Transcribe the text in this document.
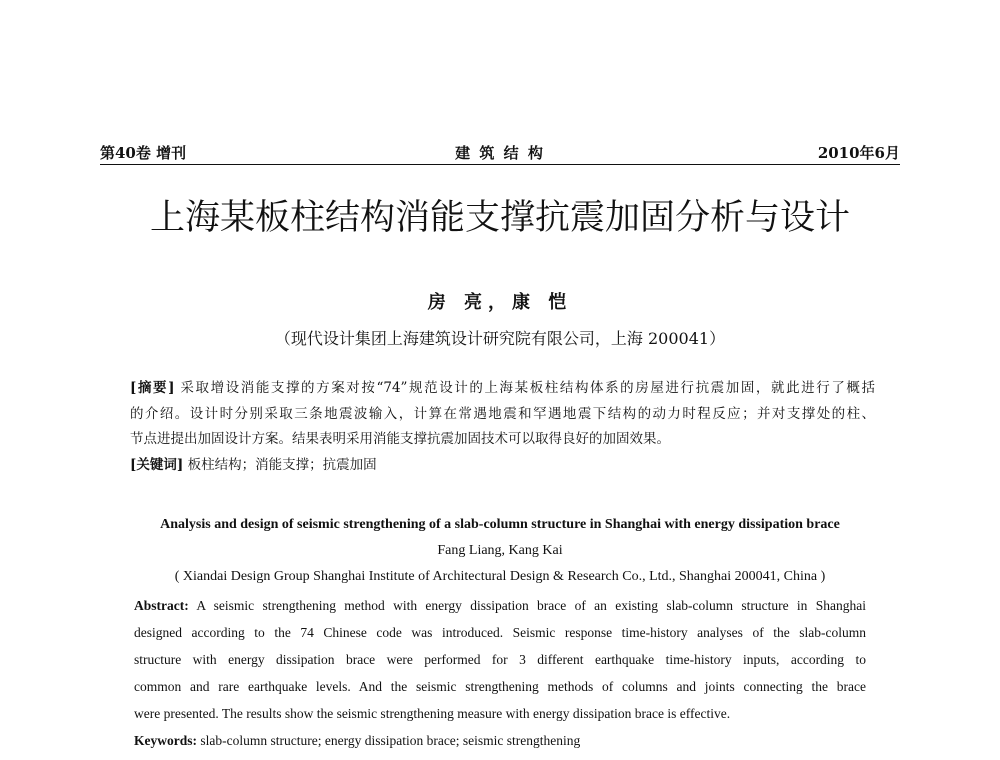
第40卷 增刊	建 筑 结 构	2010年6月
上海某板柱结构消能支撑抗震加固分析与设计
房 亮，康 恺
（现代设计集团上海建筑设计研究院有限公司，上海 200041）
[摘要] 采取增设消能支撑的方案对按“74”规范设计的上海某板柱结构体系的房屋进行抗震加固，就此进行了概括
的介绍。设计时分别采取三条地震波输入，计算在常遇地震和罕遇地震下结构的动力时程反应；并对支撑处的柱、
节点进提出加固设计方案。结果表明采用消能支撑抗震加固技术可以取得良好的加固效果。
[关键词] 板柱结构；消能支撑；抗震加固
Analysis and design of seismic strengthening of a slab-column structure in Shanghai with energy dissipation brace
Fang Liang, Kang Kai
( Xiandai Design Group Shanghai Institute of Architectural Design & Research Co., Ltd., Shanghai 200041, China )
Abstract: A seismic strengthening method with energy dissipation brace of an existing slab-column structure in Shanghai
designed according to the 74 Chinese code was introduced. Seismic response time-history analyses of the slab-column
structure with energy dissipation brace were performed for 3 different earthquake time-history inputs, according to
common and rare earthquake levels. And the seismic strengthening methods of columns and joints connecting the brace
were presented. The results show the seismic strengthening measure with energy dissipation brace is effective.
Keywords: slab-column structure; energy dissipation brace; seismic strengthening
